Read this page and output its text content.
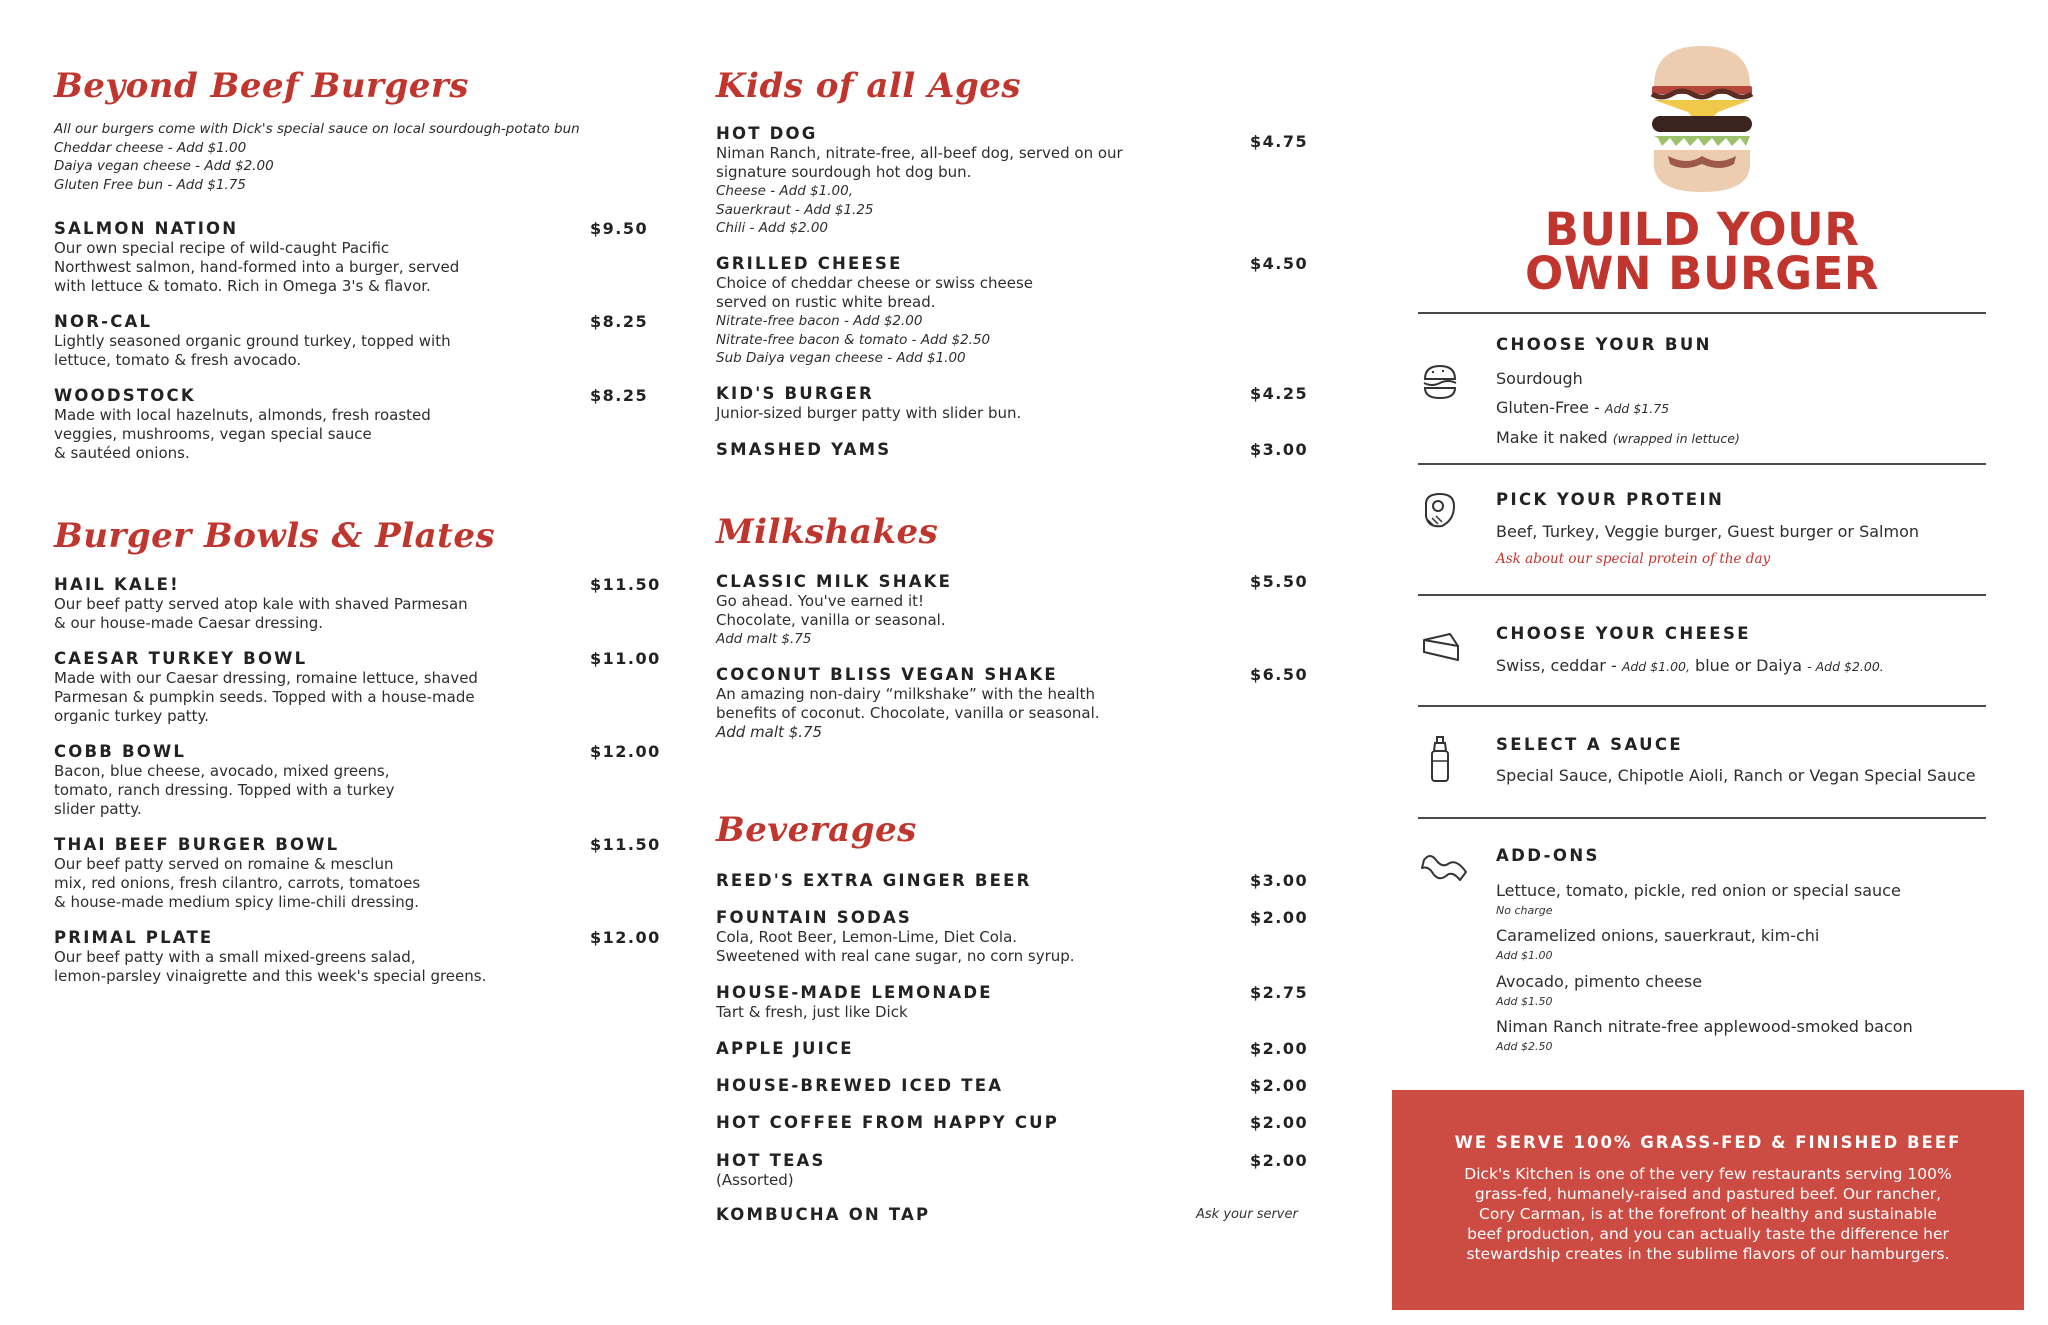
Beyond Beef Burgers
All our burgers come with Dick's special sauce on local sourdough-potato bun
Cheddar cheese - Add $1.00
Daiya vegan cheese - Add $2.00
Gluten Free bun - Add $1.75
SALMON NATION	$9.50
Our own special recipe of wild-caught Pacific
Northwest salmon, hand-formed into a burger, served
with lettuce & tomato. Rich in Omega 3's & flavor.
NOR-CAL	$8.25
Lightly seasoned organic ground turkey, topped with
lettuce, tomato & fresh avocado.
WOODSTOCK	$8.25
Made with local hazelnuts, almonds, fresh roasted
veggies, mushrooms, vegan special sauce
& sautéed onions.
Burger Bowls & Plates
HAIL KALE!	$11.50
Our beef patty served atop kale with shaved Parmesan
& our house-made Caesar dressing.
CAESAR TURKEY BOWL	$11.00
Made with our Caesar dressing, romaine lettuce, shaved
Parmesan & pumpkin seeds. Topped with a house-made
organic turkey patty.
COBB BOWL	$12.00
Bacon, blue cheese, avocado, mixed greens,
tomato, ranch dressing. Topped with a turkey
slider patty.
THAI BEEF BURGER BOWL	$11.50
Our beef patty served on romaine & mesclun
mix, red onions, fresh cilantro, carrots, tomatoes
& house-made medium spicy lime-chili dressing.
PRIMAL PLATE	$12.00
Our beef patty with a small mixed-greens salad,
lemon-parsley vinaigrette and this week's special greens.
Kids of all Ages
HOT DOG	$4.75
Niman Ranch, nitrate-free, all-beef dog, served on our
signature sourdough hot dog bun.
Cheese - Add $1.00,
Sauerkraut - Add $1.25
Chili - Add $2.00
GRILLED CHEESE	$4.50
Choice of cheddar cheese or swiss cheese
served on rustic white bread.
Nitrate-free bacon - Add $2.00
Nitrate-free bacon & tomato - Add $2.50
Sub Daiya vegan cheese - Add $1.00
KID'S BURGER	$4.25
Junior-sized burger patty with slider bun.
SMASHED YAMS	$3.00
Milkshakes
CLASSIC MILK SHAKE	$5.50
Go ahead. You've earned it!
Chocolate, vanilla or seasonal.
Add malt $.75
COCONUT BLISS VEGAN SHAKE	$6.50
An amazing non-dairy “milkshake” with the health
benefits of coconut. Chocolate, vanilla or seasonal.
Add malt $.75
Beverages
REED'S EXTRA GINGER BEER	$3.00
FOUNTAIN SODAS	$2.00
Cola, Root Beer, Lemon-Lime, Diet Cola.
Sweetened with real cane sugar, no corn syrup.
HOUSE-MADE LEMONADE	$2.75
Tart & fresh, just like Dick
APPLE JUICE	$2.00
HOUSE-BREWED ICED TEA	$2.00
HOT COFFEE FROM HAPPY CUP	$2.00
HOT TEAS	$2.00
(Assorted)
KOMBUCHA ON TAP	Ask your server
BUILD YOUR
OWN BURGER
CHOOSE YOUR BUN
Sourdough
Gluten-Free - Add $1.75
Make it naked (wrapped in lettuce)
PICK YOUR PROTEIN
Beef, Turkey, Veggie burger, Guest burger or Salmon
Ask about our special protein of the day
CHOOSE YOUR CHEESE
Swiss, ceddar - Add $1.00, blue or Daiya - Add $2.00.
SELECT A SAUCE
Special Sauce, Chipotle Aioli, Ranch or Vegan Special Sauce
ADD-ONS
Lettuce, tomato, pickle, red onion or special sauce
No charge
Caramelized onions, sauerkraut, kim-chi
Add $1.00
Avocado, pimento cheese
Add $1.50
Niman Ranch nitrate-free applewood-smoked bacon
Add $2.50
WE SERVE 100% GRASS-FED & FINISHED BEEF
Dick's Kitchen is one of the very few restaurants serving 100%
grass-fed, humanely-raised and pastured beef. Our rancher,
Cory Carman, is at the forefront of healthy and sustainable
beef production, and you can actually taste the difference her
stewardship creates in the sublime flavors of our hamburgers.
